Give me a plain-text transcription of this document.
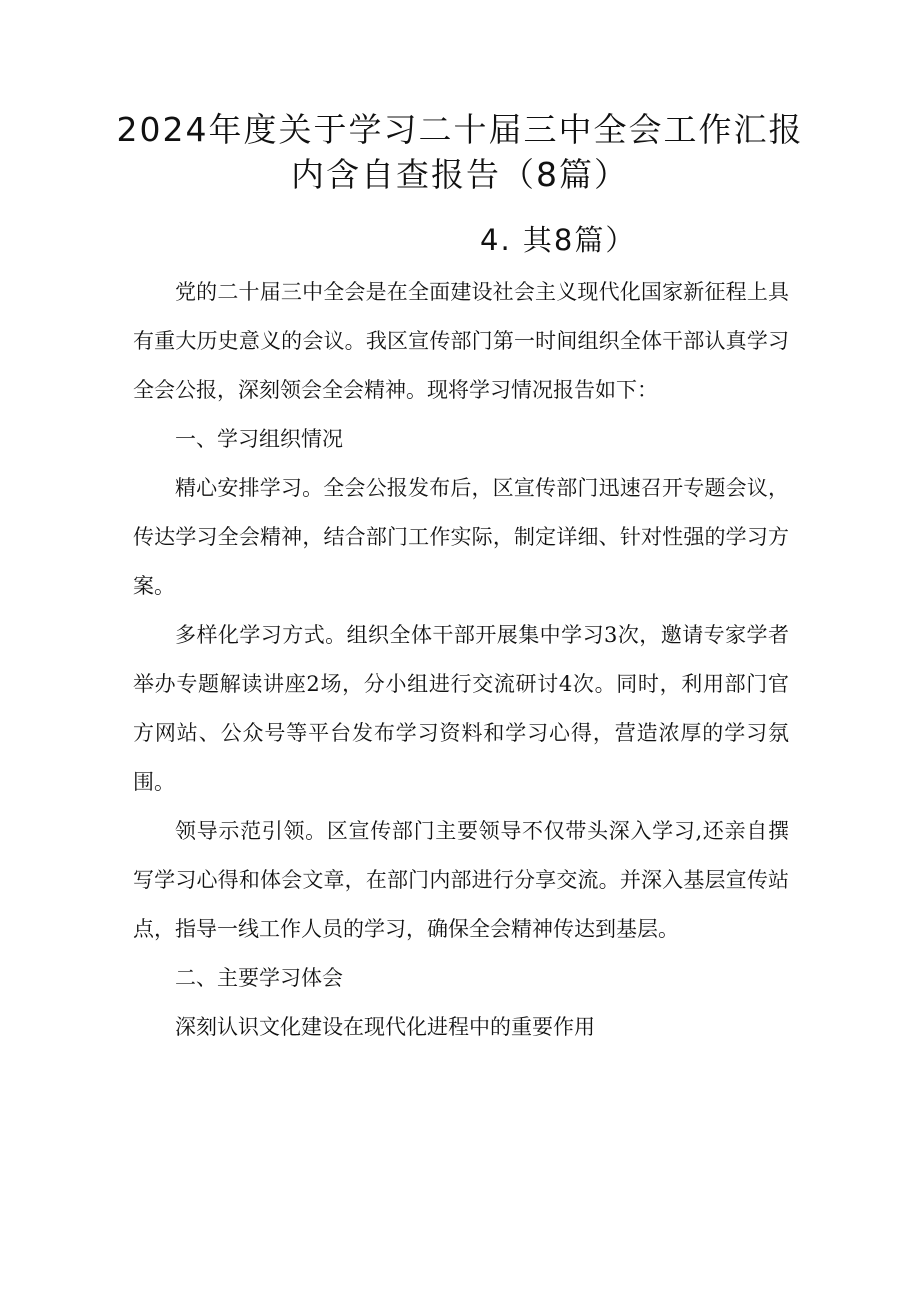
2024年度关于学习二十届三中全会工作汇报
内含自查报告（8篇）
4. 其8篇）

党的二十届三中全会是在全面建设社会主义现代化国家新征程上具有重大历史意义的会议。我区宣传部门第一时间组织全体干部认真学习全会公报，深刻领会全会精神。现将学习情况报告如下：

一、学习组织情况

精心安排学习。全会公报发布后，区宣传部门迅速召开专题会议，传达学习全会精神，结合部门工作实际，制定详细、针对性强的学习方案。

多样化学习方式。组织全体干部开展集中学习3次，邀请专家学者举办专题解读讲座2场，分小组进行交流研讨4次。同时，利用部门官方网站、公众号等平台发布学习资料和学习心得，营造浓厚的学习氛围。

领导示范引领。区宣传部门主要领导不仅带头深入学习,还亲自撰写学习心得和体会文章，在部门内部进行分享交流。并深入基层宣传站点，指导一线工作人员的学习，确保全会精神传达到基层。

二、主要学习体会

深刻认识文化建设在现代化进程中的重要作用
